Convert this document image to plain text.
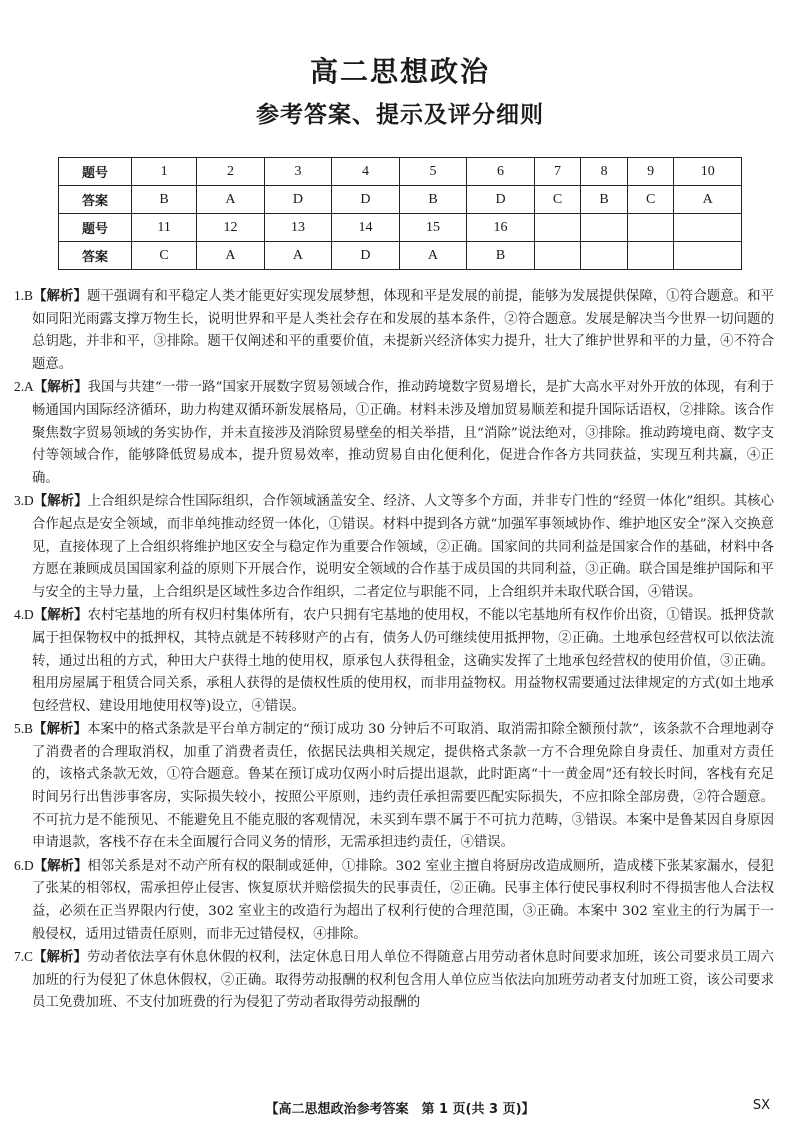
高二思想政治
参考答案、提示及评分细则
题号	1	2	3	4	5	6	7	8	9	10
答案	B	A	D	D	B	D	C	B	C	A
题号	11	12	13	14	15	16				
答案	C	A	A	D	A	B				

1.B【解析】题干强调有和平稳定人类才能更好实现发展梦想，体现和平是发展的前提，能够为发展提供保障，①符合题意。和平如同阳光雨露支撑万物生长，说明世界和平是人类社会存在和发展的基本条件，②符合题意。发展是解决当今世界一切问题的总钥匙，并非和平，③排除。题干仅阐述和平的重要价值，未提新兴经济体实力提升，壮大了维护世界和平的力量，④不符合题意。

2.A【解析】我国与共建“一带一路”国家开展数字贸易领域合作，推动跨境数字贸易增长，是扩大高水平对外开放的体现，有利于畅通国内国际经济循环，助力构建双循环新发展格局，①正确。材料未涉及增加贸易顺差和提升国际话语权，②排除。该合作聚焦数字贸易领域的务实协作，并未直接涉及消除贸易壁垒的相关举措，且“消除”说法绝对，③排除。推动跨境电商、数字支付等领域合作，能够降低贸易成本，提升贸易效率，推动贸易自由化便利化，促进合作各方共同获益，实现互利共赢，④正确。

3.D【解析】上合组织是综合性国际组织，合作领域涵盖安全、经济、人文等多个方面，并非专门性的“经贸一体化”组织。其核心合作起点是安全领域，而非单纯推动经贸一体化，①错误。材料中提到各方就“加强军事领域协作、维护地区安全”深入交换意见，直接体现了上合组织将维护地区安全与稳定作为重要合作领域，②正确。国家间的共同利益是国家合作的基础，材料中各方愿在兼顾成员国国家利益的原则下开展合作，说明安全领域的合作基于成员国的共同利益，③正确。联合国是维护国际和平与安全的主导力量，上合组织是区域性多边合作组织，二者定位与职能不同，上合组织并未取代联合国，④错误。

4.D【解析】农村宅基地的所有权归村集体所有，农户只拥有宅基地的使用权，不能以宅基地所有权作价出资，①错误。抵押贷款属于担保物权中的抵押权，其特点就是不转移财产的占有，债务人仍可继续使用抵押物，②正确。土地承包经营权可以依法流转，通过出租的方式，种田大户获得土地的使用权，原承包人获得租金，这确实发挥了土地承包经营权的使用价值，③正确。租用房屋属于租赁合同关系，承租人获得的是债权性质的使用权，而非用益物权。用益物权需要通过法律规定的方式(如土地承包经营权、建设用地使用权等)设立，④错误。

5.B【解析】本案中的格式条款是平台单方制定的“预订成功 30 分钟后不可取消、取消需扣除全额预付款”，该条款不合理地剥夺了消费者的合理取消权，加重了消费者责任，依据民法典相关规定，提供格式条款一方不合理免除自身责任、加重对方责任的，该格式条款无效，①符合题意。鲁某在预订成功仅两小时后提出退款，此时距离“十一黄金周”还有较长时间，客栈有充足时间另行出售涉事客房，实际损失较小，按照公平原则，违约责任承担需要匹配实际损失，不应扣除全部房费，②符合题意。不可抗力是不能预见、不能避免且不能克服的客观情况，未买到车票不属于不可抗力范畴，③错误。本案中是鲁某因自身原因申请退款，客栈不存在未全面履行合同义务的情形，无需承担违约责任，④错误。

6.D【解析】相邻关系是对不动产所有权的限制或延伸，①排除。302 室业主擅自将厨房改造成厕所，造成楼下张某家漏水，侵犯了张某的相邻权，需承担停止侵害、恢复原状并赔偿损失的民事责任，②正确。民事主体行使民事权利时不得损害他人合法权益，必须在正当界限内行使，302 室业主的改造行为超出了权利行使的合理范围，③正确。本案中 302 室业主的行为属于一般侵权，适用过错责任原则，而非无过错侵权，④排除。

7.C【解析】劳动者依法享有休息休假的权利，法定休息日用人单位不得随意占用劳动者休息时间要求加班，该公司要求员工周六加班的行为侵犯了休息休假权，②正确。取得劳动报酬的权利包含用人单位应当依法向加班劳动者支付加班工资，该公司要求员工免费加班、不支付加班费的行为侵犯了劳动者取得劳动报酬的

【高二思想政治参考答案　第 1 页(共 3 页)】	SX
